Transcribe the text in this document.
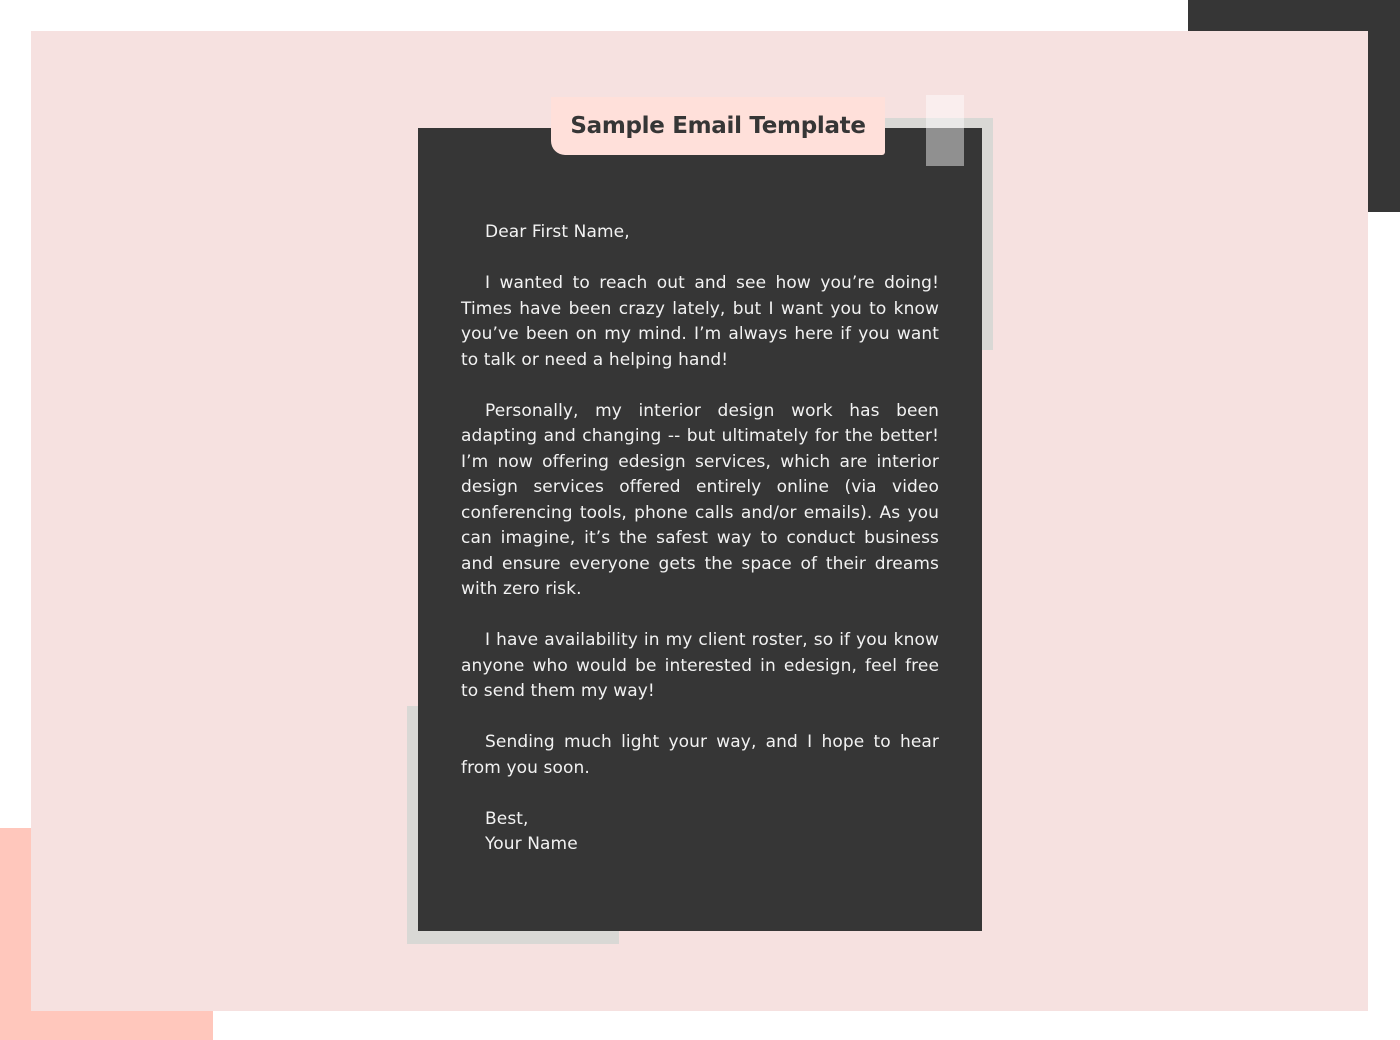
Sample Email Template

Dear First Name,

I wanted to reach out and see how you’re doing! Times have been crazy lately, but I want you to know you’ve been on my mind. I’m always here if you want to talk or need a helping hand!

Personally, my interior design work has been adapting and changing -- but ultimately for the better! I’m now offering edesign services, which are interior design services offered entirely online (via video conferencing tools, phone calls and/or emails). As you can imagine, it’s the safest way to conduct business and ensure everyone gets the space of their dreams with zero risk.

I have availability in my client roster, so if you know anyone who would be interested in edesign, feel free to send them my way!

Sending much light your way, and I hope to hear from you soon.

Best,
Your Name
